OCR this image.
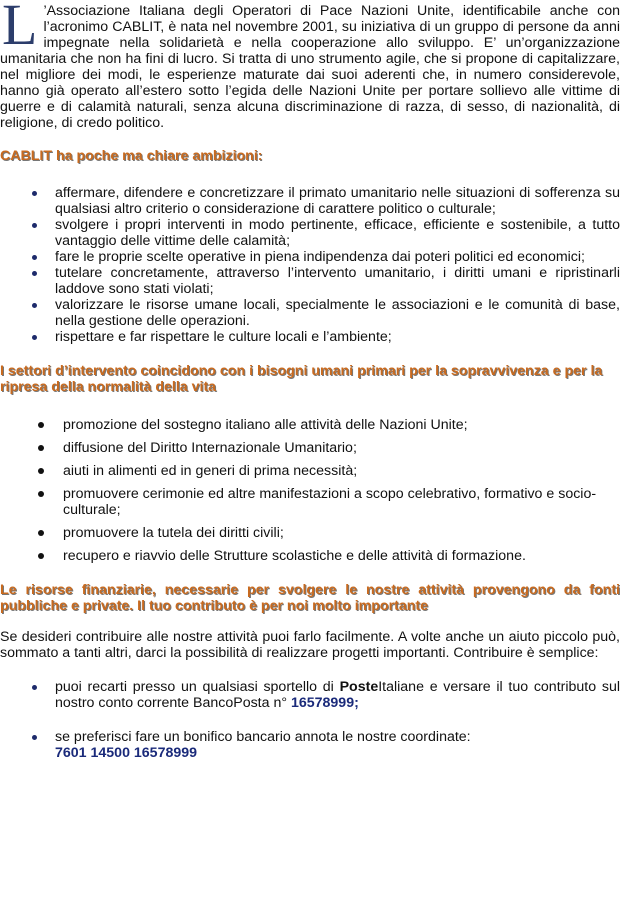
L ’Associazione Italiana degli Operatori di Pace Nazioni Unite, identificabile anche con l’acronimo CABLIT, è nata nel novembre 2001, su iniziativa di un gruppo di persone da anni impegnate nella solidarietà e nella cooperazione allo sviluppo. E’ un’organizzazione umanitaria che non ha fini di lucro. Si tratta di uno strumento agile, che si propone di capitalizzare, nel migliore dei modi, le esperienze maturate dai suoi aderenti che, in numero considerevole, hanno già operato all’estero sotto l’egida delle Nazioni Unite per portare sollievo alle vittime di guerre e di calamità naturali, senza alcuna discriminazione di razza, di sesso, di nazionalità, di religione, di credo politico.

CABLIT ha poche ma chiare ambizioni:

affermare, difendere e concretizzare il primato umanitario nelle situazioni di sofferenza su qualsiasi altro criterio o considerazione di carattere politico o culturale;
svolgere i propri interventi in modo pertinente, efficace, efficiente e sostenibile, a tutto vantaggio delle vittime delle calamità;
fare le proprie scelte operative in piena indipendenza dai poteri politici ed economici;
tutelare concretamente, attraverso l’intervento umanitario, i diritti umani e ripristinarli laddove sono stati violati;
valorizzare le risorse umane locali, specialmente le associazioni e le comunità di base, nella gestione delle operazioni.
rispettare e far rispettare le culture locali e l’ambiente;

I settori d’intervento coincidono con i bisogni umani primari per la sopravvivenza e per la ripresa della normalità della vita

promozione del sostegno italiano alle attività delle Nazioni Unite;
diffusione del Diritto Internazionale Umanitario;
aiuti in alimenti ed in generi di prima necessità;
promuovere cerimonie ed altre manifestazioni a scopo celebrativo, formativo e socio-culturale;
promuovere la tutela dei diritti civili;
recupero e riavvio delle Strutture scolastiche e delle attività di formazione.

Le risorse finanziarie, necessarie per svolgere le nostre attività provengono da fonti pubbliche e private. Il tuo contributo è per noi molto importante

Se desideri contribuire alle nostre attività puoi farlo facilmente. A volte anche un aiuto piccolo può, sommato a tanti altri, darci la possibilità di realizzare progetti importanti. Contribuire è semplice:

puoi recarti presso un qualsiasi sportello di PosteItaliane e versare il tuo contributo sul nostro conto corrente BancoPosta n° 16578999;
se preferisci fare un bonifico bancario annota le nostre coordinate:
7601 14500 16578999
